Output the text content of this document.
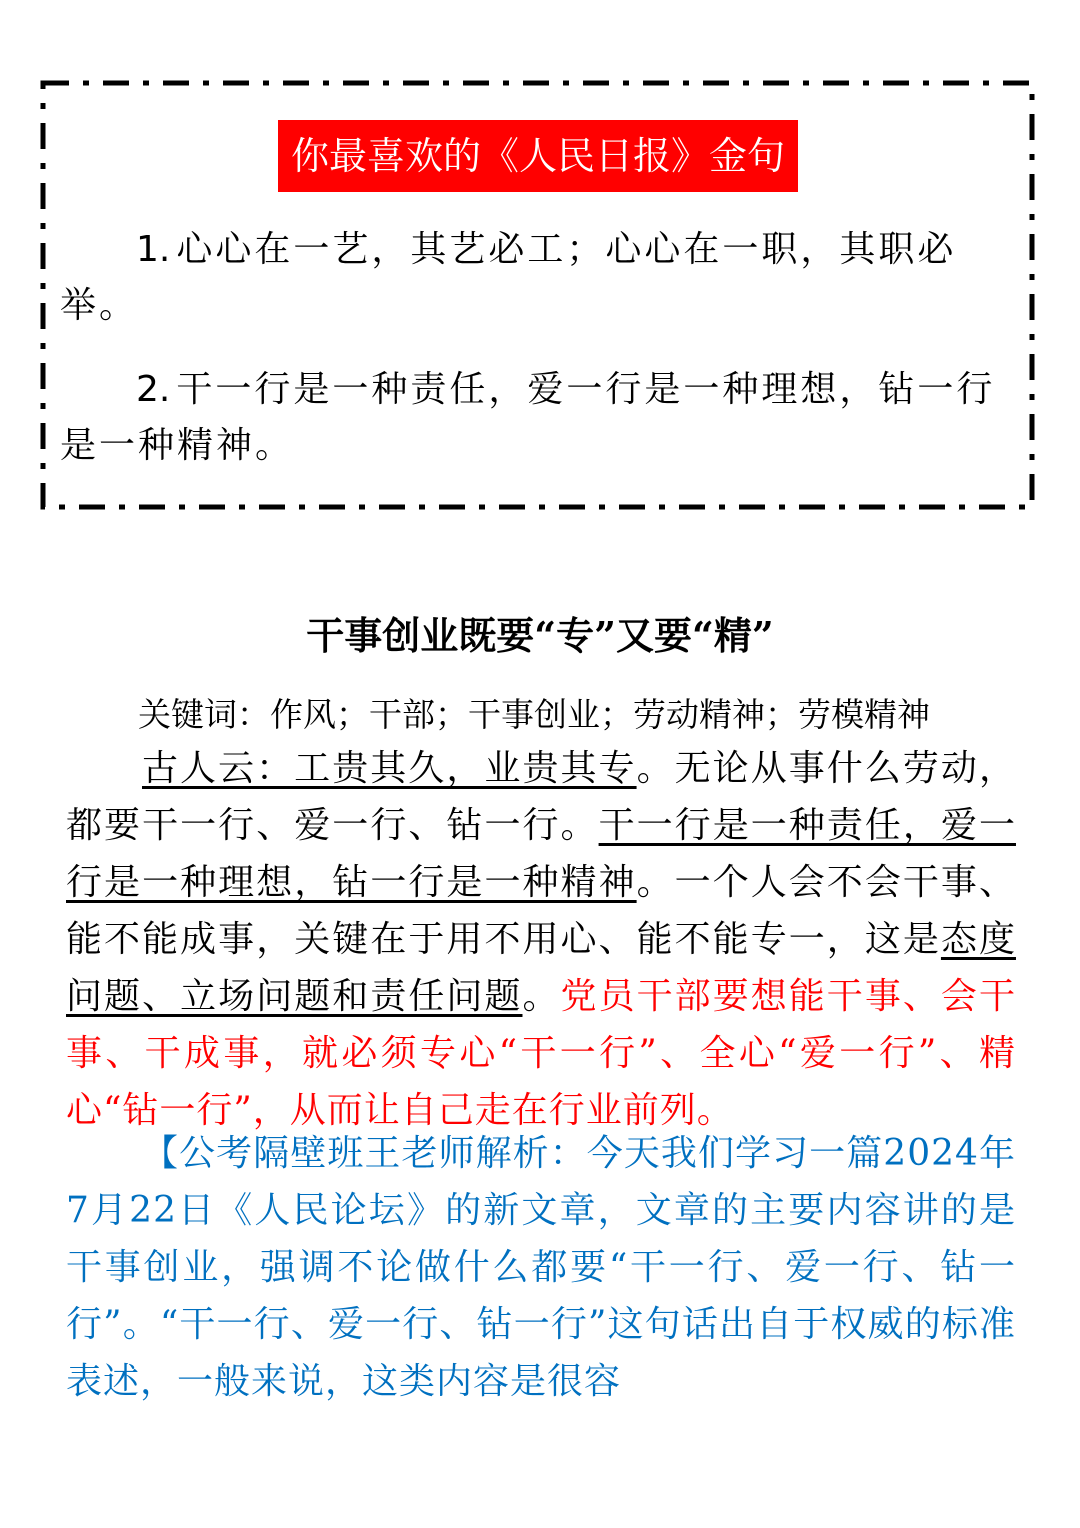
你最喜欢的《人民日报》金句
1. 心心在一艺，其艺必工；心心在一职，其职必举。
2. 干一行是一种责任，爱一行是一种理想，钻一行是一种精神。
干事创业既要“专”又要“精”
关键词：作风；干部；干事创业；劳动精神；劳模精神
古人云：工贵其久，业贵其专。无论从事什么劳动，都要干一行、爱一行、钻一行。干一行是一种责任，爱一行是一种理想，钻一行是一种精神。一个人会不会干事、能不能成事，关键在于用不用心、能不能专一，这是态度问题、立场问题和责任问题。党员干部要想能干事、会干事、干成事，就必须专心“干一行”、全心“爱一行”、精心“钻一行”，从而让自己走在行业前列。
【公考隔壁班王老师解析：今天我们学习一篇2024年7月22日《人民论坛》的新文章，文章的主要内容讲的是干事创业，强调不论做什么都要“干一行、爱一行、钻一行”。“干一行、爱一行、钻一行”这句话出自于权威的标准表述，一般来说，这类内容是很容
